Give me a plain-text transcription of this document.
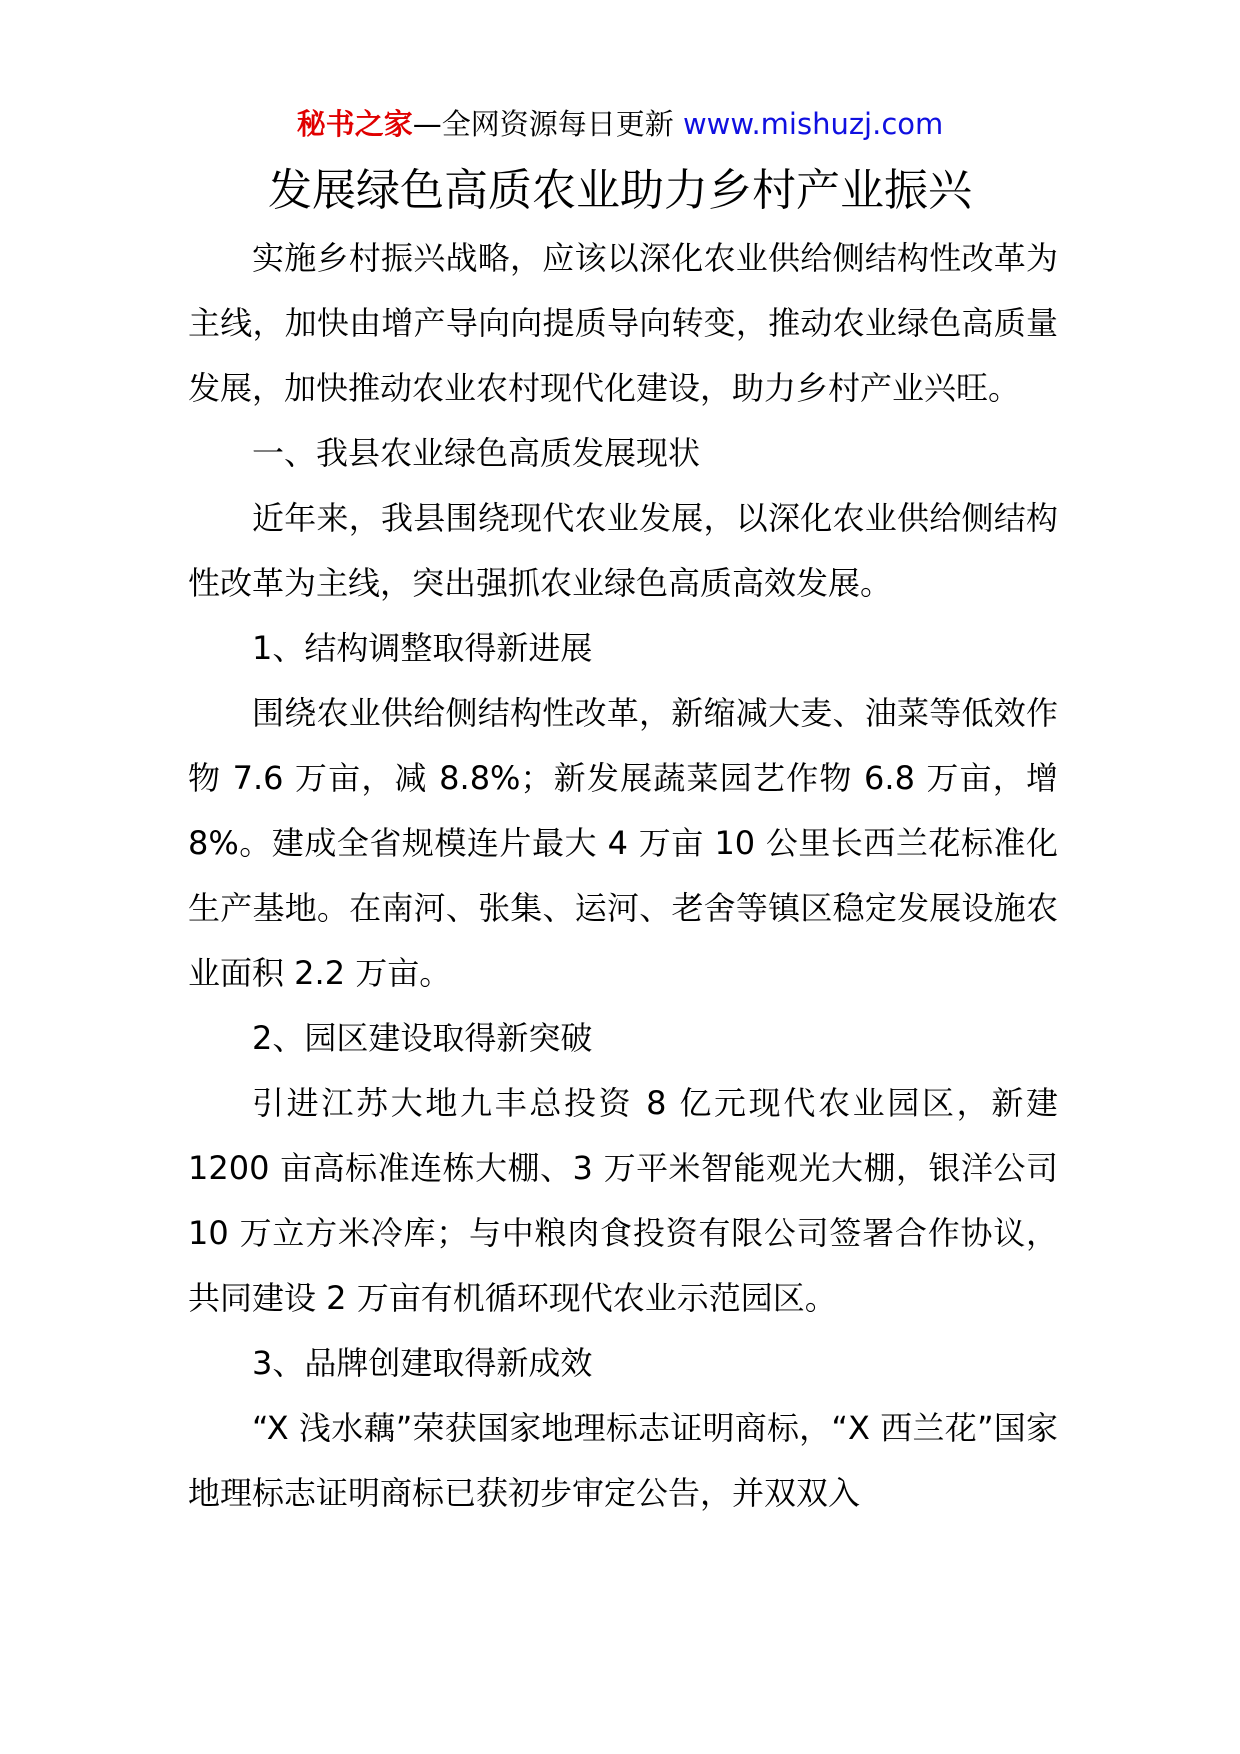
秘书之家—全网资源每日更新 www.mishuzj.com
发展绿色高质农业助力乡村产业振兴

实施乡村振兴战略，应该以深化农业供给侧结构性改革为主线，加快由增产导向向提质导向转变，推动农业绿色高质量发展，加快推动农业农村现代化建设，助力乡村产业兴旺。

一、我县农业绿色高质发展现状

近年来，我县围绕现代农业发展，以深化农业供给侧结构性改革为主线，突出强抓农业绿色高质高效发展。

1、结构调整取得新进展

围绕农业供给侧结构性改革，新缩减大麦、油菜等低效作物 7.6 万亩，减 8.8%；新发展蔬菜园艺作物 6.8 万亩，增 8%。建成全省规模连片最大 4 万亩 10 公里长西兰花标准化生产基地。在南河、张集、运河、老舍等镇区稳定发展设施农业面积 2.2 万亩。

2、园区建设取得新突破

引进江苏大地九丰总投资 8 亿元现代农业园区，新建 1200 亩高标准连栋大棚、3 万平米智能观光大棚，银洋公司 10 万立方米冷库；与中粮肉食投资有限公司签署合作协议，共同建设 2 万亩有机循环现代农业示范园区。

3、品牌创建取得新成效

“X 浅水藕”荣获国家地理标志证明商标，“X 西兰花”国家地理标志证明商标已获初步审定公告，并双双入
